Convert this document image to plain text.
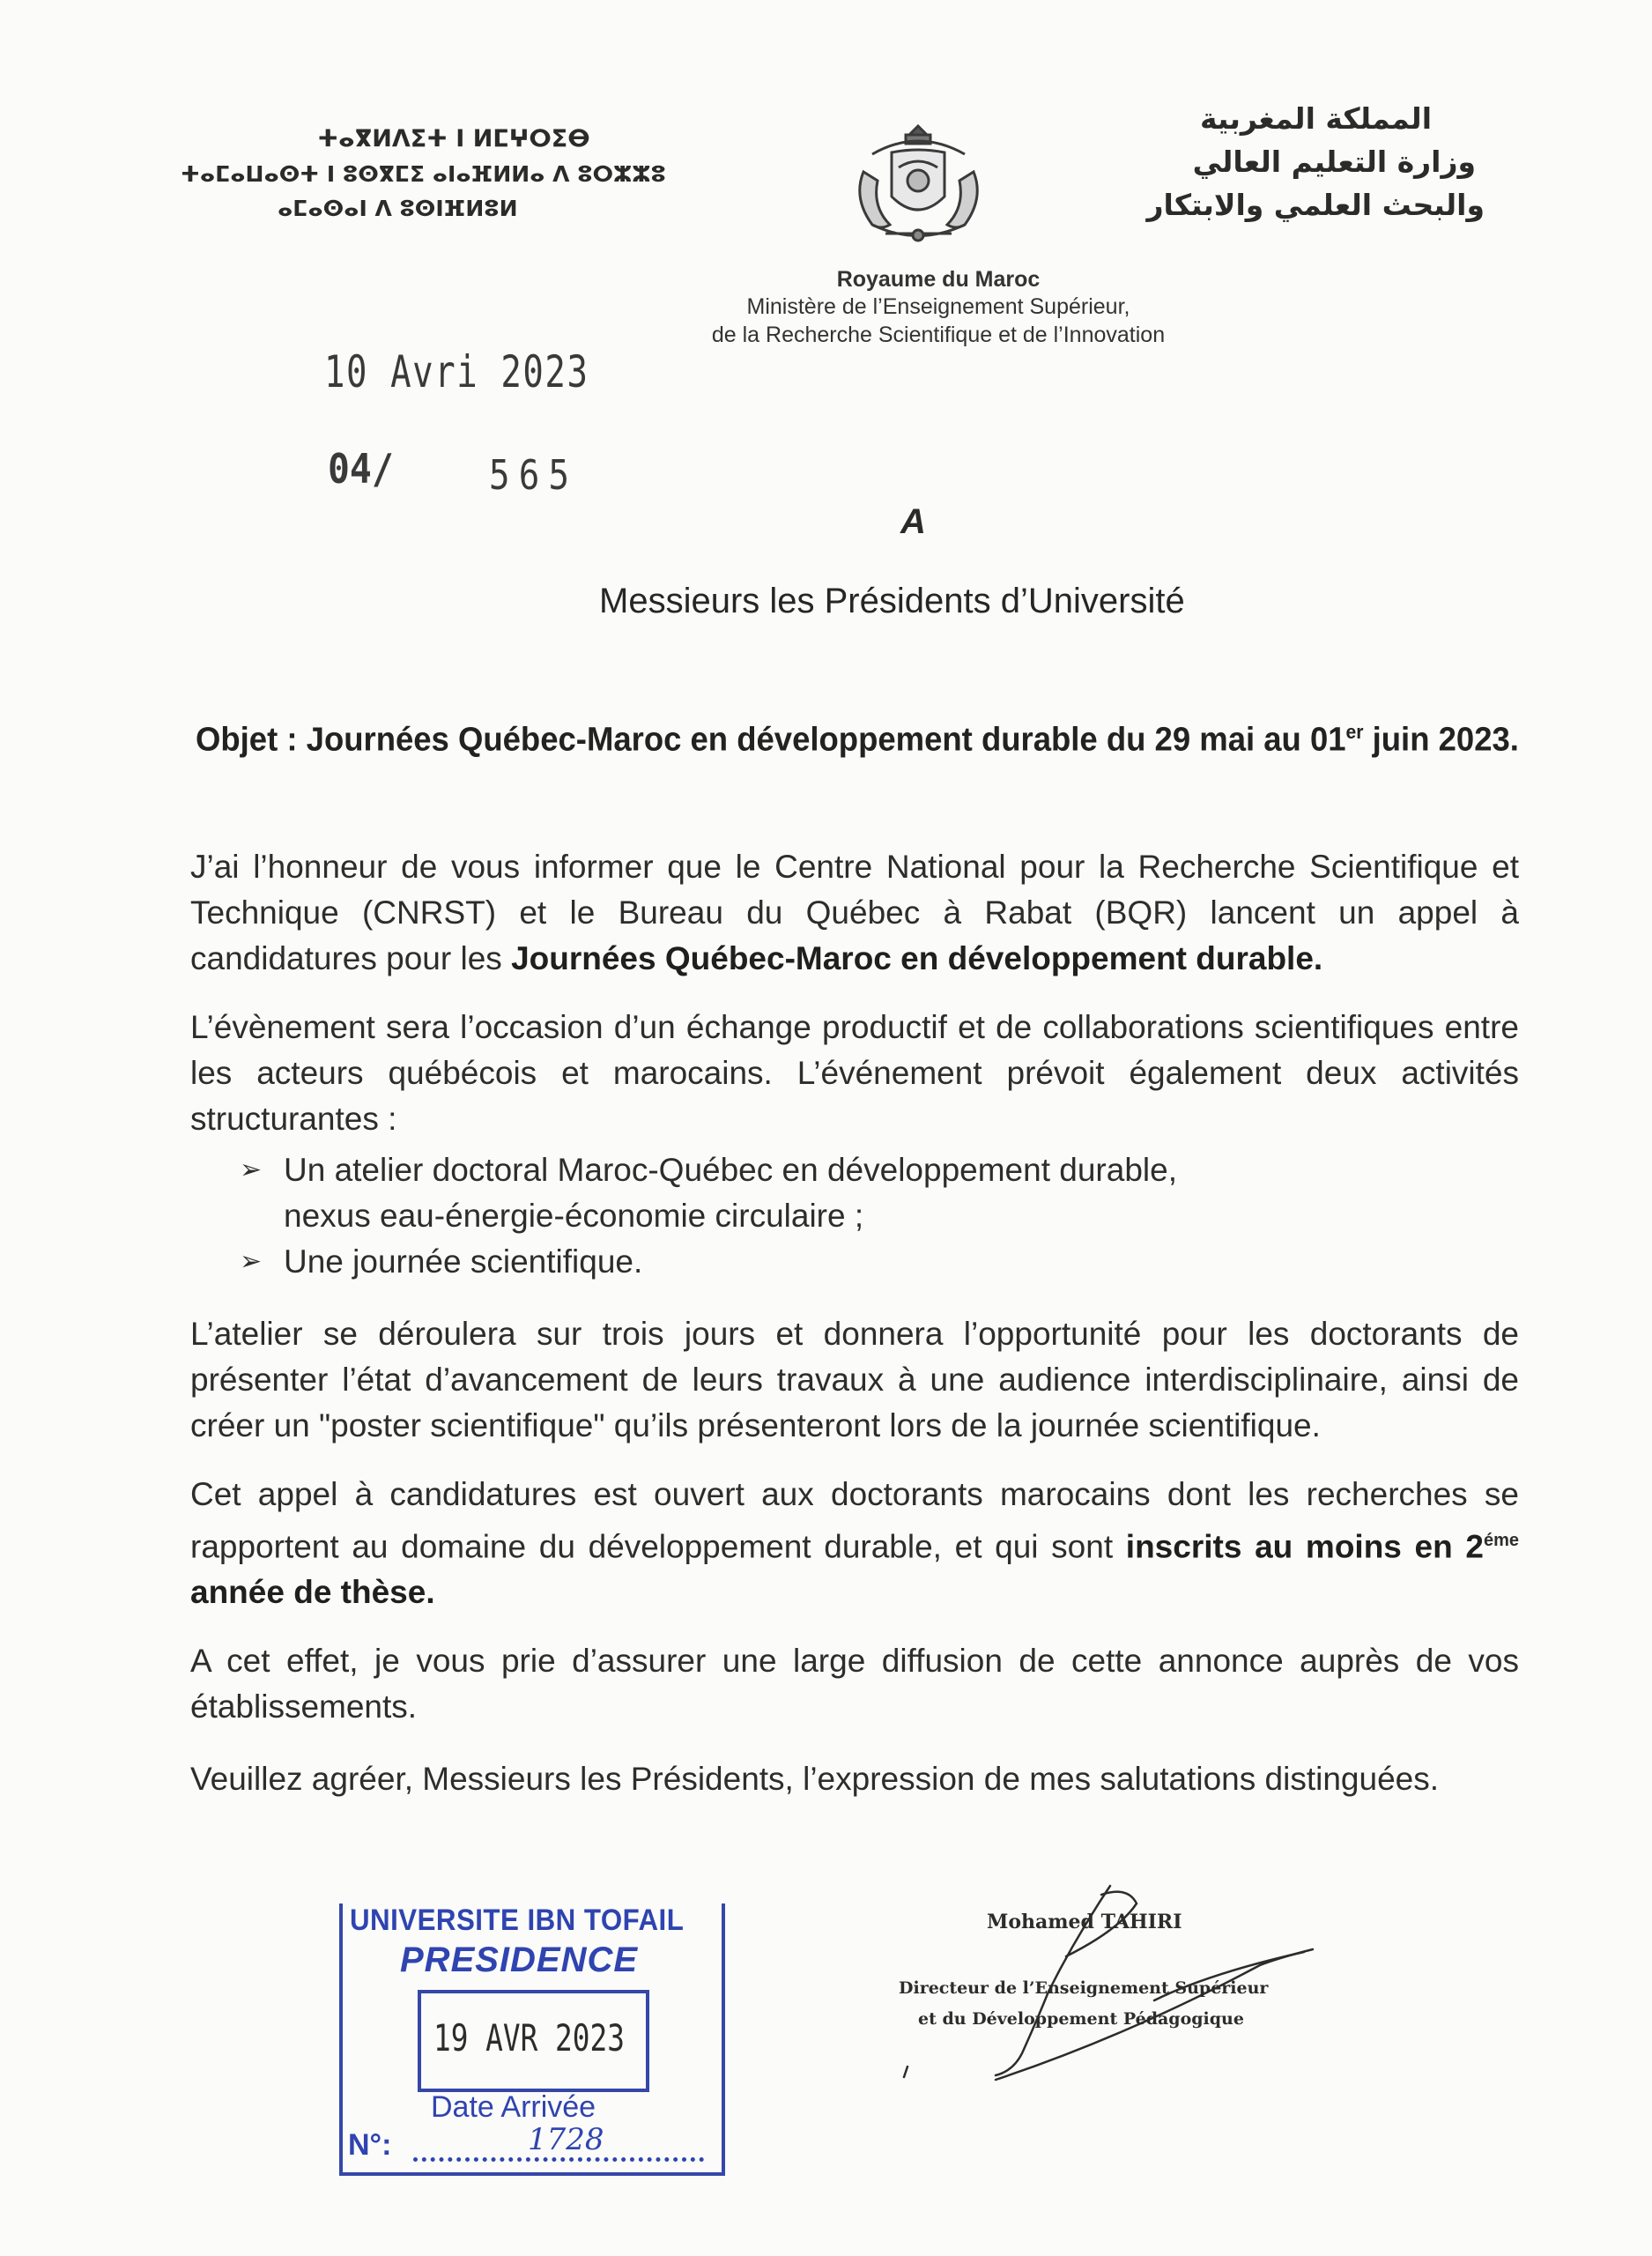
ⵜⴰⴳⵍⴷⵉⵜ ⵏ ⵍⵎⵖⵔⵉⴱ
ⵜⴰⵎⴰⵡⴰⵙⵜ ⵏ ⵓⵙⴳⵎⵉ ⴰⵏⴰⴼⵍⵍⴰ ⴷ ⵓⵔⵣⵣⵓ
ⴰⵎⴰⵙⴰⵏ ⴷ ⵓⵙⵏⴼⵍⵓⵍ
المملكة المغربية
وزارة التعليم العالي
والبحث العلمي والابتكار
Royaume du Maroc
Ministère de l’Enseignement Supérieur,
de la Recherche Scientifique et de l’Innovation
10 Avri 2023
04/ 565
A
Messieurs les Présidents d’Université
Objet : Journées Québec-Maroc en développement durable du 29 mai au 01er juin 2023.

J’ai l’honneur de vous informer que le Centre National pour la Recherche Scientifique et Technique (CNRST) et le Bureau du Québec à Rabat (BQR) lancent un appel à candidatures pour les Journées Québec-Maroc en développement durable.

L’évènement sera l’occasion d’un échange productif et de collaborations scientifiques entre les acteurs québécois et marocains. L’événement prévoit également deux activités structurantes :

➢ Un atelier doctoral Maroc-Québec en développement durable, nexus eau-énergie-économie circulaire ;
➢ Une journée scientifique.

L’atelier se déroulera sur trois jours et donnera l’opportunité pour les doctorants de présenter l’état d’avancement de leurs travaux à une audience interdisciplinaire, ainsi de créer un "poster scientifique" qu’ils présenteront lors de la journée scientifique.

Cet appel à candidatures est ouvert aux doctorants marocains dont les recherches se rapportent au domaine du développement durable, et qui sont inscrits au moins en $2^{éme}$ année de thèse.

A cet effet, je vous prie d’assurer une large diffusion de cette annonce auprès de vos établissements.

Veuillez agréer, Messieurs les Présidents, l’expression de mes salutations distinguées.

UNIVERSITE IBN TOFAIL
PRESIDENCE
19 AVR 2023
Date Arrivée
N°:	1728
Mohamed TAHIRI
Directeur de l’Enseignement Supérieur
et du Développement Pédagogique
